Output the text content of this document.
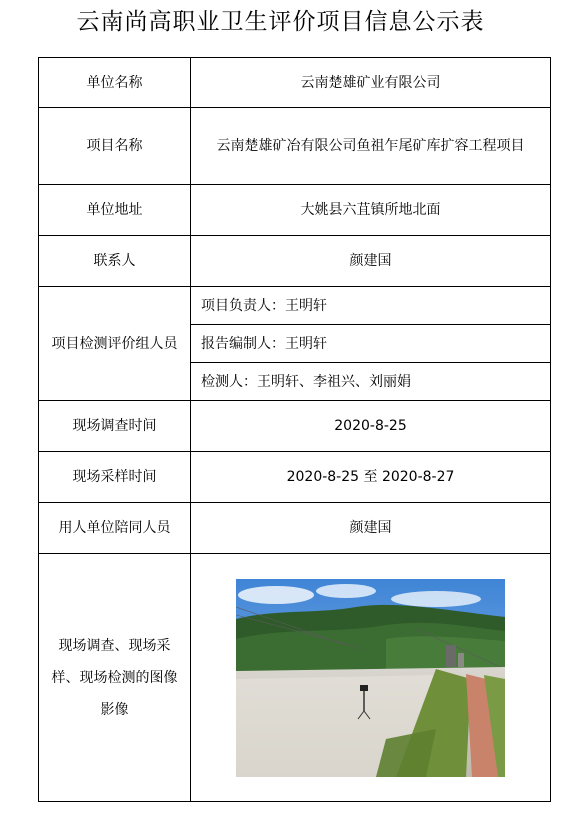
云南尚高职业卫生评价项目信息公示表
单位名称	云南楚雄矿业有限公司
项目名称	云南楚雄矿冶有限公司鱼祖乍尾矿库扩容工程项目
单位地址	大姚县六苴镇所地北面
联系人	颜建国
项目检测评价组人员	项目负责人：王明轩
	报告编制人：王明轩
	检测人：王明轩、李祖兴、刘丽娟
现场调查时间	2020-8-25
现场采样时间	2020-8-25 至 2020-8-27
用人单位陪同人员	颜建国
现场调查、现场采样、现场检测的图像影像	
